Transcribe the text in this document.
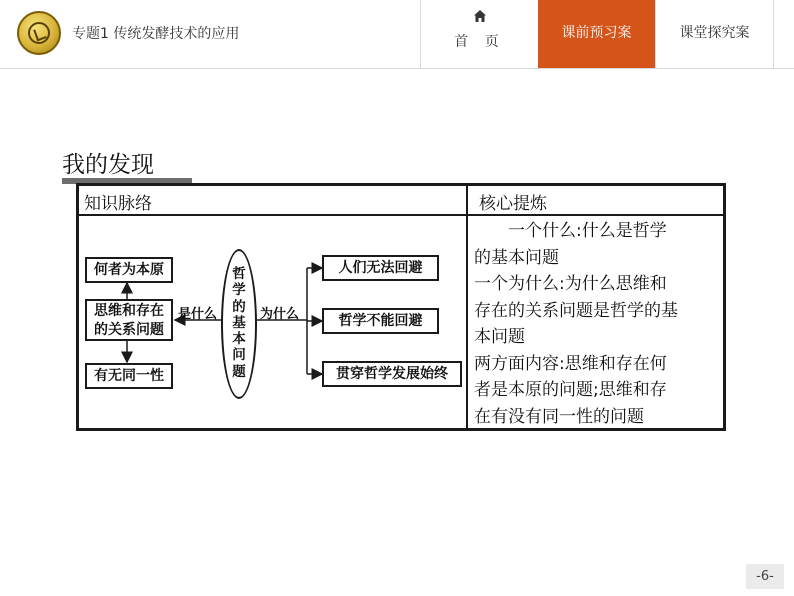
专题1 传统发酵技术的应用	首 页
课前预习案	课堂探究案
我的发现
知识脉络	核心提炼
何者为本原
思维和存在的关系问题
有无同一性
是什么
哲学的基本问题
为什么
人们无法回避
哲学不能回避
贯穿哲学发展始终
一个什么:什么是哲学
的基本问题
一个为什么:为什么思维和
存在的关系问题是哲学的基
本问题
两方面内容:思维和存在何
者是本原的问题;思维和存
在有没有同一性的问题
-6-
